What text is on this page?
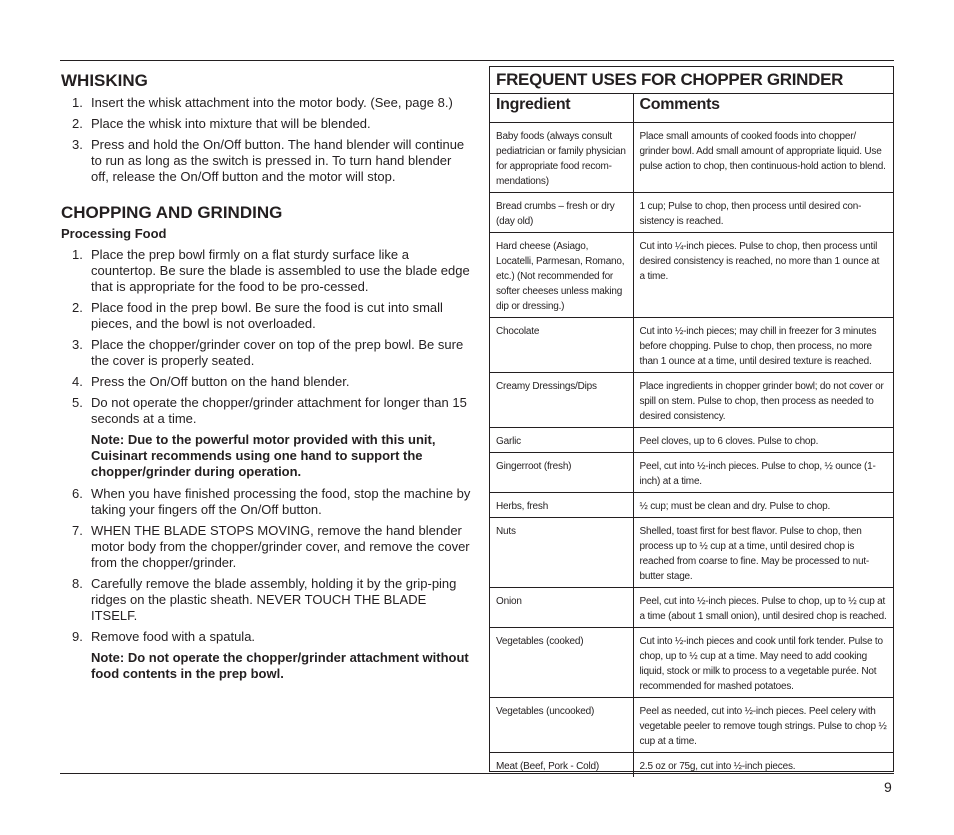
WHISKING
1. Insert the whisk attachment into the motor body. (See, page 8.)
2. Place the whisk into mixture that will be blended.
3. Press and hold the On/Off button. The hand blender will continue to run as long as the switch is pressed in. To turn hand blender off, release the On/Off button and the motor will stop.
CHOPPING AND GRINDING
Processing Food
1. Place the prep bowl firmly on a flat sturdy surface like a countertop. Be sure the blade is assembled to use the blade edge that is appropriate for the food to be pro-cessed.
2. Place food in the prep bowl. Be sure the food is cut into small pieces, and the bowl is not overloaded.
3. Place the chopper/grinder cover on top of the prep bowl. Be sure the cover is properly seated.
4. Press the On/Off button on the hand blender.
5. Do not operate the chopper/grinder attachment for longer than 15 seconds at a time.
Note: Due to the powerful motor provided with this unit, Cuisinart recommends using one hand to support the chopper/grinder during operation.
6. When you have finished processing the food, stop the machine by taking your fingers off the On/Off button.
7. WHEN THE BLADE STOPS MOVING, remove the hand blender motor body from the chopper/grinder cover, and remove the cover from the chopper/grinder.
8. Carefully remove the blade assembly, holding it by the grip-ping ridges on the plastic sheath. NEVER TOUCH THE BLADE ITSELF.
9. Remove food with a spatula.
Note: Do not operate the chopper/grinder attachment without food contents in the prep bowl.
FREQUENT USES FOR CHOPPER GRINDER
Ingredient	Comments
Baby foods (always consult pediatrician or family physician for appropriate food recom-mendations)	Place small amounts of cooked foods into chopper/ grinder bowl. Add small amount of appropriate liquid. Use pulse action to chop, then continuous-hold action to blend.
Bread crumbs – fresh or dry (day old)	1 cup; Pulse to chop, then process until desired con-sistency is reached.
Hard cheese (Asiago, Locatelli, Parmesan, Romano, etc.) (Not recommended for softer cheeses unless making dip or dressing.)	Cut into ¼-inch pieces. Pulse to chop, then process until desired consistency is reached, no more than 1 ounce at a time.
Chocolate	Cut into ½-inch pieces; may chill in freezer for 3 minutes before chopping. Pulse to chop, then process, no more than 1 ounce at a time, until desired texture is reached.
Creamy Dressings/Dips	Place ingredients in chopper grinder bowl; do not cover or spill on stem. Pulse to chop, then process as needed to desired consistency.
Garlic	Peel cloves, up to 6 cloves. Pulse to chop.
Gingerroot (fresh)	Peel, cut into ½-inch pieces. Pulse to chop, ½ ounce (1-inch) at a time.
Herbs, fresh	½ cup; must be clean and dry. Pulse to chop.
Nuts	Shelled, toast first for best flavor. Pulse to chop, then process up to ½ cup at a time, until desired chop is reached from coarse to fine. May be processed to nut-butter stage.
Onion	Peel, cut into ½-inch pieces. Pulse to chop, up to ½ cup at a time (about 1 small onion), until desired chop is reached.
Vegetables (cooked)	Cut into ½-inch pieces and cook until fork tender. Pulse to chop, up to ½ cup at a time. May need to add cooking liquid, stock or milk to process to a vegetable purée. Not recommended for mashed potatoes.
Vegetables (uncooked)	Peel as needed, cut into ½-inch pieces. Peel celery with vegetable peeler to remove tough strings. Pulse to chop ½ cup at a time.
Meat (Beef, Pork - Cold)	2.5 oz or 75g, cut into ½-inch pieces.
9
